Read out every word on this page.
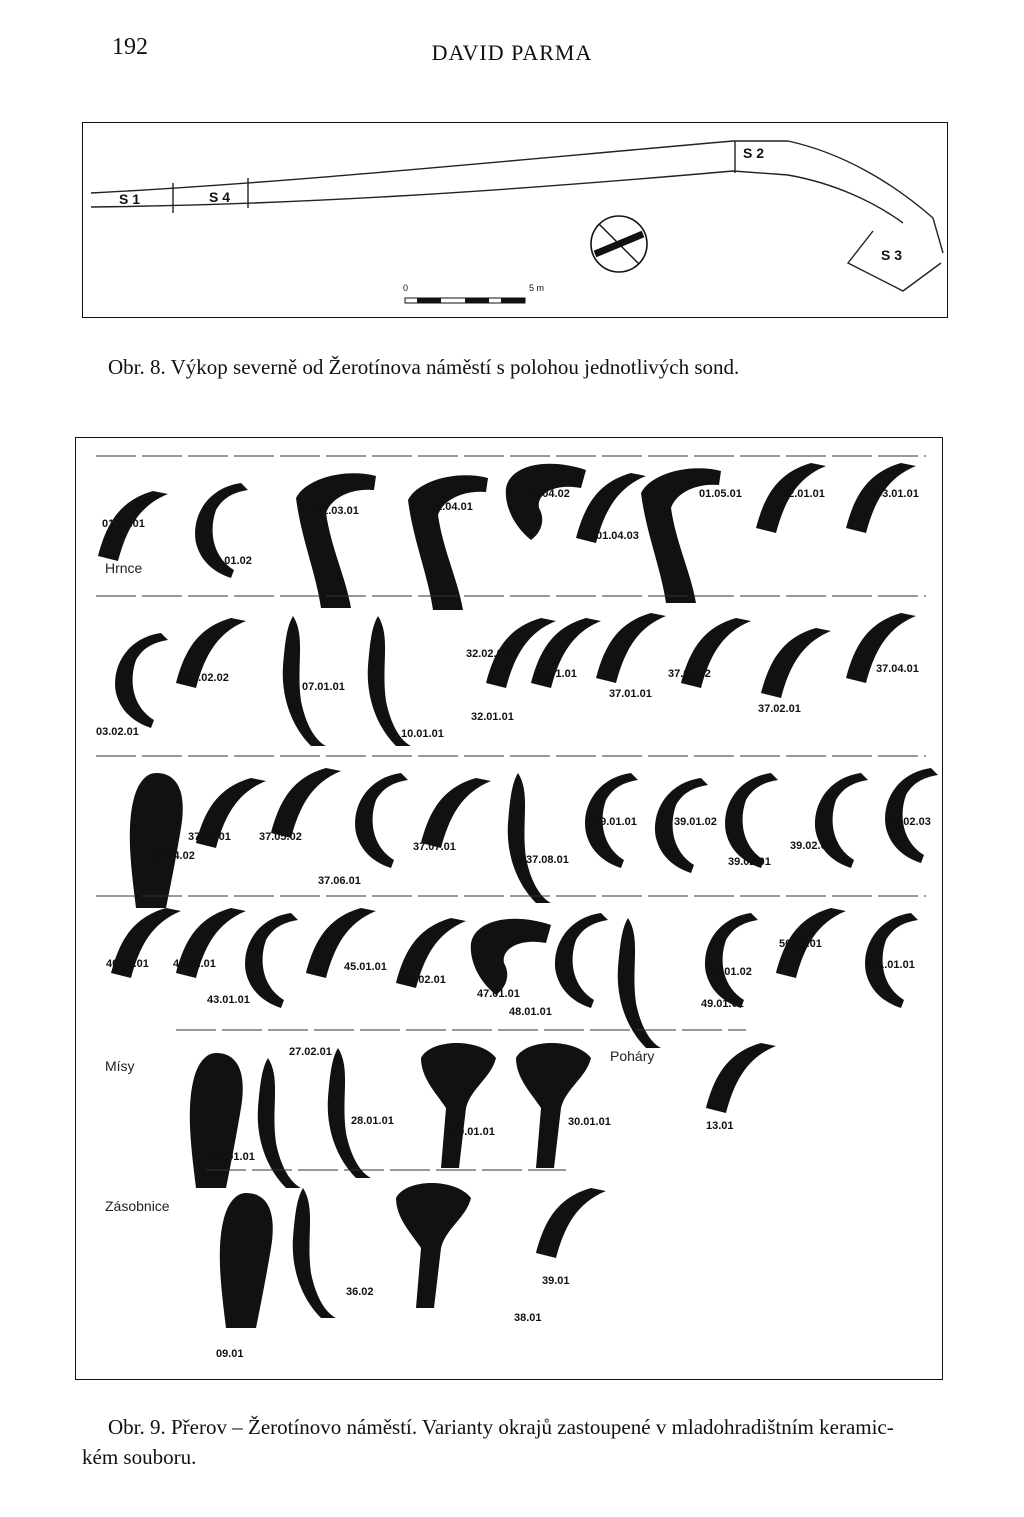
192	DAVID PARMA
S 1	S 4
S 2
S 3
0	5 m
Obr. 8. Výkop severně od Žerotínova náměstí s polohou jednotlivých sond.
Hrnce
Mísy
Poháry
Zásobnice
01.01.01
01.01.02
01.03.01	01.04.01
01.04.02
01.04.03
01.05.01	02.01.01	03.01.01
03.02.01
03.02.02
07.01.01
10.01.01
32.02.01
32.01.01
34.01.01
37.01.01
37.01.02
37.02.01
37.04.01
37.04.02
37.05.01	37.05.02
37.06.01
37.07.01
37.08.01
39.01.01	39.01.02
39.02.01
39.02.02
39.02.03
40.01.01 40.02.01
43.01.01
45.01.01
45.02.01
47.01.01
48.01.01
49.01.01
49.01.02
50.01.01
51.01.01
27.01.01
27.02.01
28.01.01
29.01.01
30.01.01	13.01
09.01
36.02
38.01
39.01
Obr. 9. Přerov – Žerotínovo náměstí. Varianty okrajů zastoupené v mladohradištním keramic-
kém souboru.
